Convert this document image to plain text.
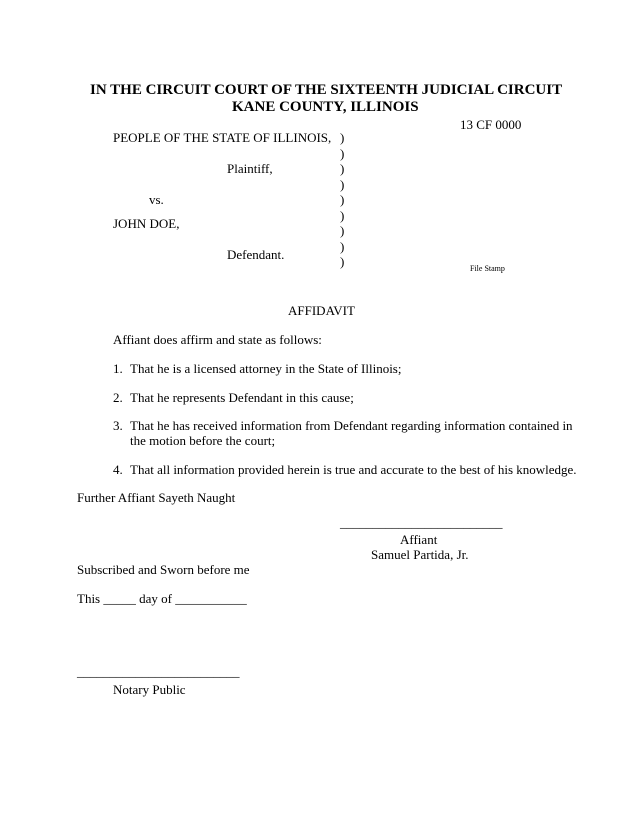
IN THE CIRCUIT COURT OF THE SIXTEENTH JUDICIAL CIRCUIT
KANE COUNTY, ILLINOIS
13 CF 0000
PEOPLE OF THE STATE OF ILLINOIS,
Plaintiff,
vs.
JOHN DOE,
Defendant.
)
)
)
)
)
)
)
)
)	File Stamp
AFFIDAVIT
Affiant does affirm and state as follows:
1. That he is a licensed attorney in the State of Illinois;
2. That he represents Defendant in this cause;
3. That he has received information from Defendant regarding information contained in
the motion before the court;
4. That all information provided herein is true and accurate to the best of his knowledge.
Further Affiant Sayeth Naught
_________________________
Affiant
Samuel Partida, Jr.
Subscribed and Sworn before me
This _____ day of ___________
_________________________
Notary Public
